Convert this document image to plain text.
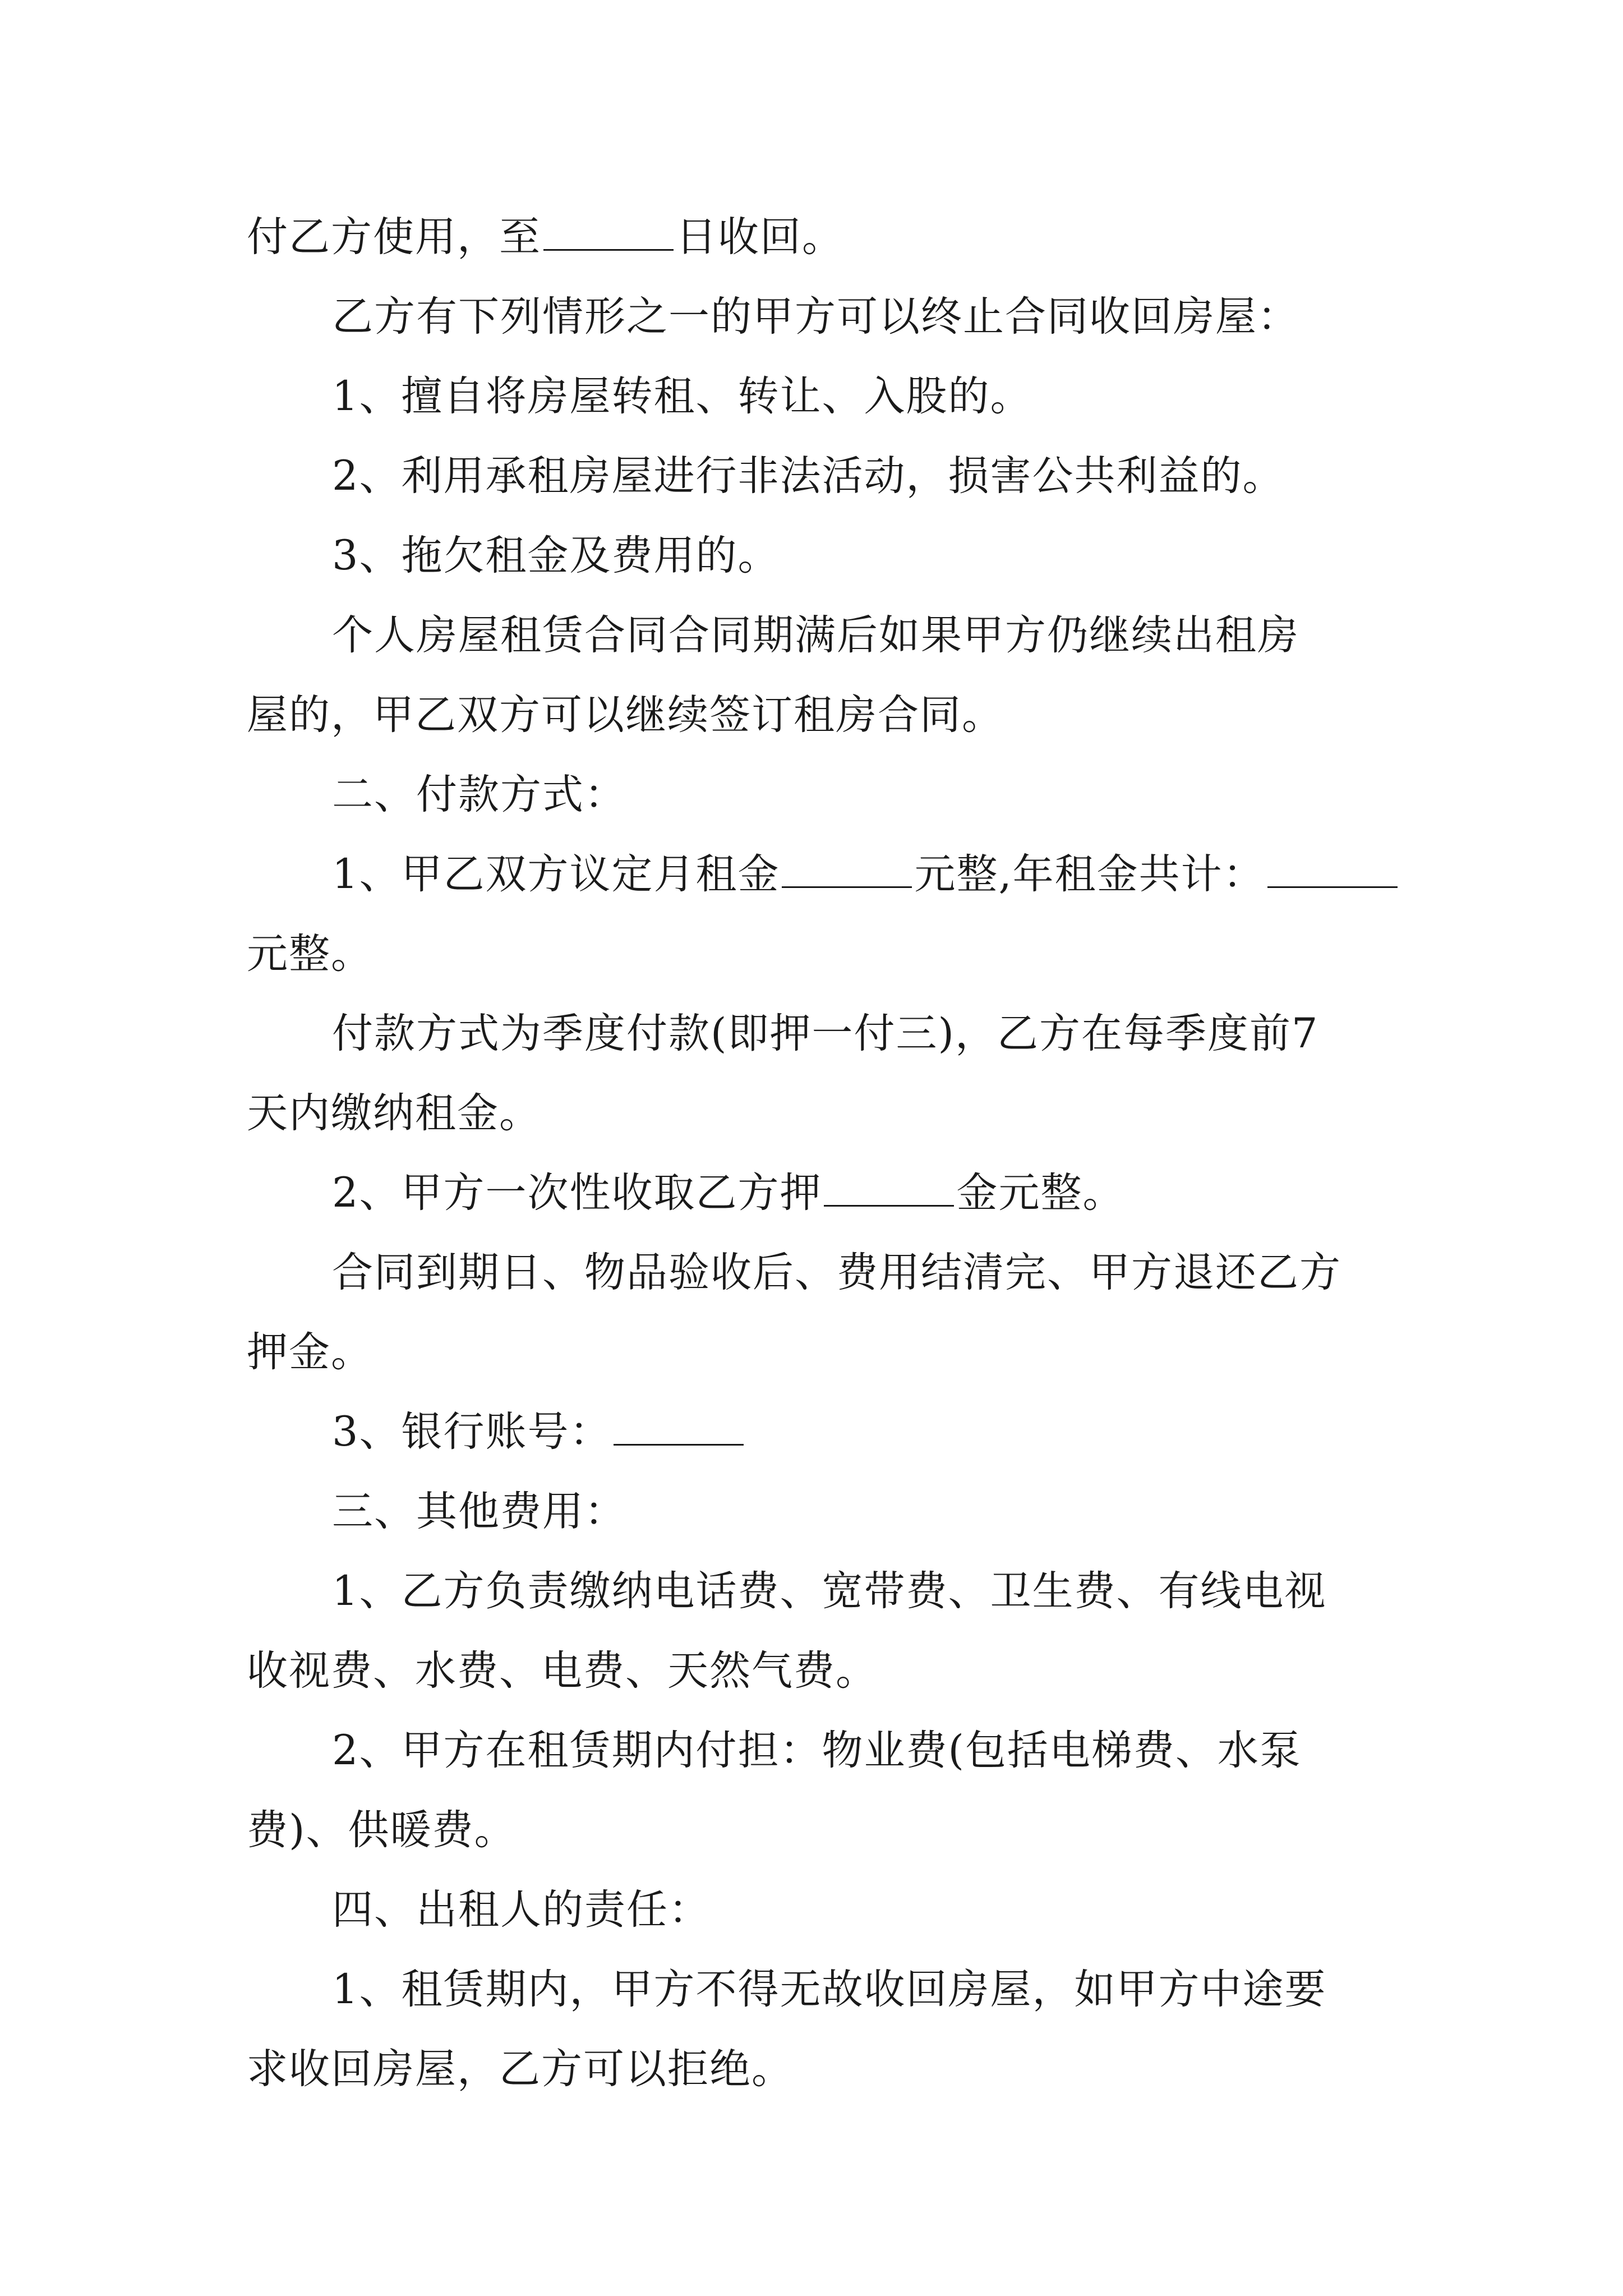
付乙方使用，至	日收回。
乙方有下列情形之一的甲方可以终止合同收回房屋：
1、擅自将房屋转租、转让、入股的。
2、利用承租房屋进行非法活动，损害公共利益的。
3、拖欠租金及费用的。
个人房屋租赁合同合同期满后如果甲方仍继续出租房
屋的，甲乙双方可以继续签订租房合同。
二、付款方式：
1、甲乙双方议定月租金	元整,年租金共计：
元整。
付款方式为季度付款(即押一付三)，乙方在每季度前7
天内缴纳租金。
2、甲方一次性收取乙方押	金元整。
合同到期日、物品验收后、费用结清完、甲方退还乙方
押金。
3、银行账号：
三、其他费用：
1、乙方负责缴纳电话费、宽带费、卫生费、有线电视
收视费、水费、电费、天然气费。
2、甲方在租赁期内付担：物业费(包括电梯费、水泵
费)、供暖费。
四、出租人的责任：
1、租赁期内，甲方不得无故收回房屋，如甲方中途要
求收回房屋，乙方可以拒绝。
